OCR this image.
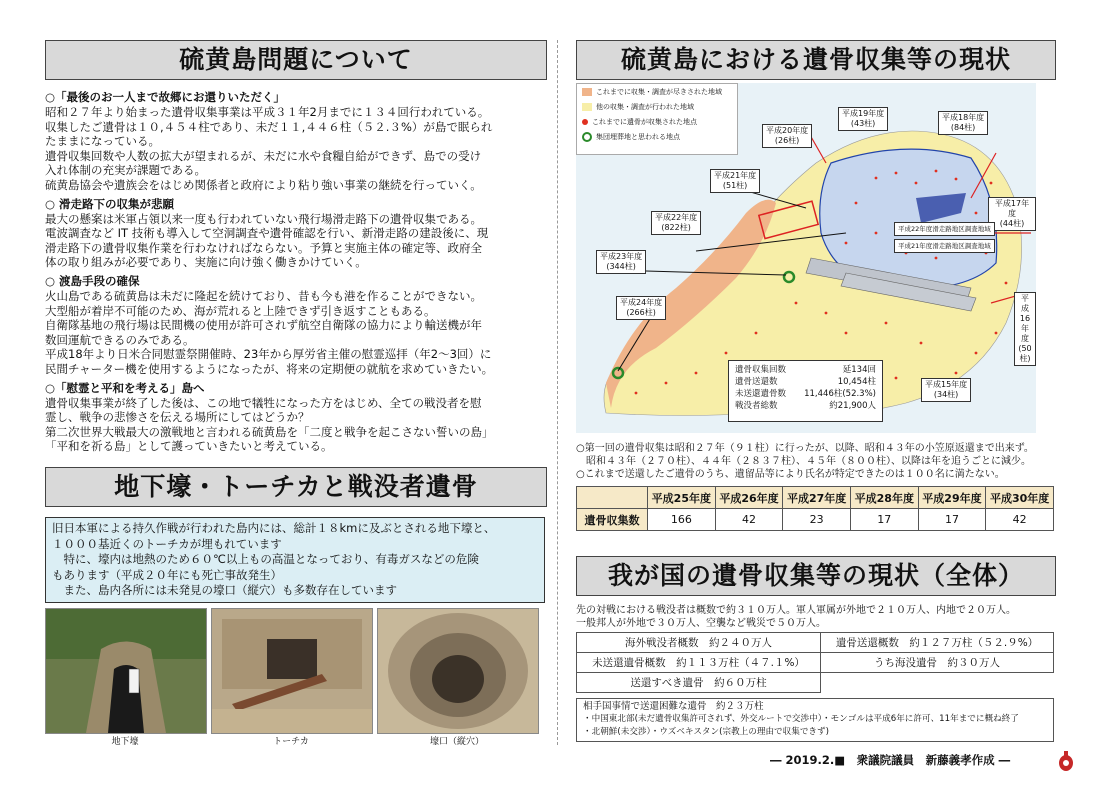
硫黄島問題について
○「最後のお一人まで故郷にお還りいただく」
昭和２７年より始まった遺骨収集事業は平成３１年2月までに１３４回行われている。
収集したご遺骨は１０,４５４柱であり、未だ１１,４４６柱（５２.３%）が島で眠られ
たままになっている。
遺骨収集回数や人数の拡大が望まれるが、未だに水や食糧自給ができず、島での受け
入れ体制の充実が課題である。
硫黄島協会や遺族会をはじめ関係者と政府により粘り強い事業の継続を行っていく。
○ 滑走路下の収集が悲願
最大の懸案は米軍占領以来一度も行われていない飛行場滑走路下の遺骨収集である。
電波調査など IT 技術も導入して空洞調査や遺骨確認を行い、新滑走路の建設後に、現
滑走路下の遺骨収集作業を行わなければならない。予算と実施主体の確定等、政府全
体の取り組みが必要であり、実施に向け強く働きかけていく。
○ 渡島手段の確保
火山島である硫黄島は未だに隆起を続けており、昔も今も港を作ることができない。
大型船が着岸不可能のため、海が荒れると上陸できず引き返すこともある。
自衛隊基地の飛行場は民間機の使用が許可されず航空自衛隊の協力により輸送機が年
数回運航できるのみである。
平成18年より日米合同慰霊祭開催時、23年から厚労省主催の慰霊巡拝（年2〜3回）に
民間チャーター機を使用するようになったが、将来の定期便の就航を求めていきたい。
○「慰霊と平和を考える」島へ
遺骨収集事業が終了した後は、この地で犠牲になった方をはじめ、全ての戦没者を慰
霊し、戦争の悲惨さを伝える場所にしてはどうか？
第二次世界大戦最大の激戦地と言われる硫黄島を「二度と戦争を起こさない誓いの島」
「平和を祈る島」として護っていきたいと考えている。
地下壕・トーチカと戦没者遺骨
旧日本軍による持久作戦が行われた島内には、総計１８kmに及ぶとされる地下壕と、
１０００基近くのトーチカが埋もれています
　特に、壕内は地熱のため６０℃以上もの高温となっており、有毒ガスなどの危険
もあります（平成２０年にも死亡事故発生）
　また、島内各所には未発見の壕口（縦穴）も多数存在しています
地下壕	トーチカ	壕口（縦穴）
硫黄島における遺骨収集等の現状
これまでに収集・調査が尽きされた地域
他の収集・調査が行われた地域
これまでに遺骨が収集された地点
集団埋葬地と思われる地点
平成19年度
(43柱)
平成18年度
(84柱)
平成20年度
(26柱)
平成21年度
(51柱)
平成17年度
(44柱)
平成22年度
(822柱)
平成23年度
(344柱)
平成16年度
(50柱)
平成24年度
(266柱)
平成15年度
(34柱)
平成22年度滑走路地区調査地域
平成21年度滑走路地区調査地域
遺骨収集回数	延134回
遺骨送還数	10,454柱
未送還遺骨数 11,446柱(52.3%)
戦没者総数	約21,900人
○第一回の遺骨収集は昭和２７年（９１柱）に行ったが、以降、昭和４３年の小笠原返還まで出来ず。
　昭和４３年（２７０柱）、４４年（２８３７柱）、４５年（８００柱）、以降は年を追うごとに減少。
○これまで送還したご遺骨のうち、遺留品等により氏名が特定できたのは１００名に満たない。
	平成25年度	平成26年度	平成27年度	平成28年度	平成29年度	平成30年度
遺骨収集数	166	42	23	17	17	42
我が国の遺骨収集等の現状（全体）
先の対戦における戦没者は概数で約３１０万人。軍人軍属が外地で２１０万人、内地で２０万人。
一般邦人が外地で３０万人、空襲など戦災で５０万人。
海外戦没者概数　約２４０万人	遺骨送還概数　約１２７万柱（５２.９%）
未送還遺骨概数　約１１３万柱（４７.１%）	うち海没遺骨　約３０万人
送還すべき遺骨　約６０万柱	
相手国事情で送還困難な遺骨　約２３万柱
・中国東北部(未だ遺骨収集許可されず、外交ルートで交渉中）・モンゴルは平成6年に許可、11年までに概ね終了
・北朝鮮(未交渉）・ウズベキスタン(宗教上の理由で収集できず)
― 2019.2.■　衆議院議員　新藤義孝作成 ―
